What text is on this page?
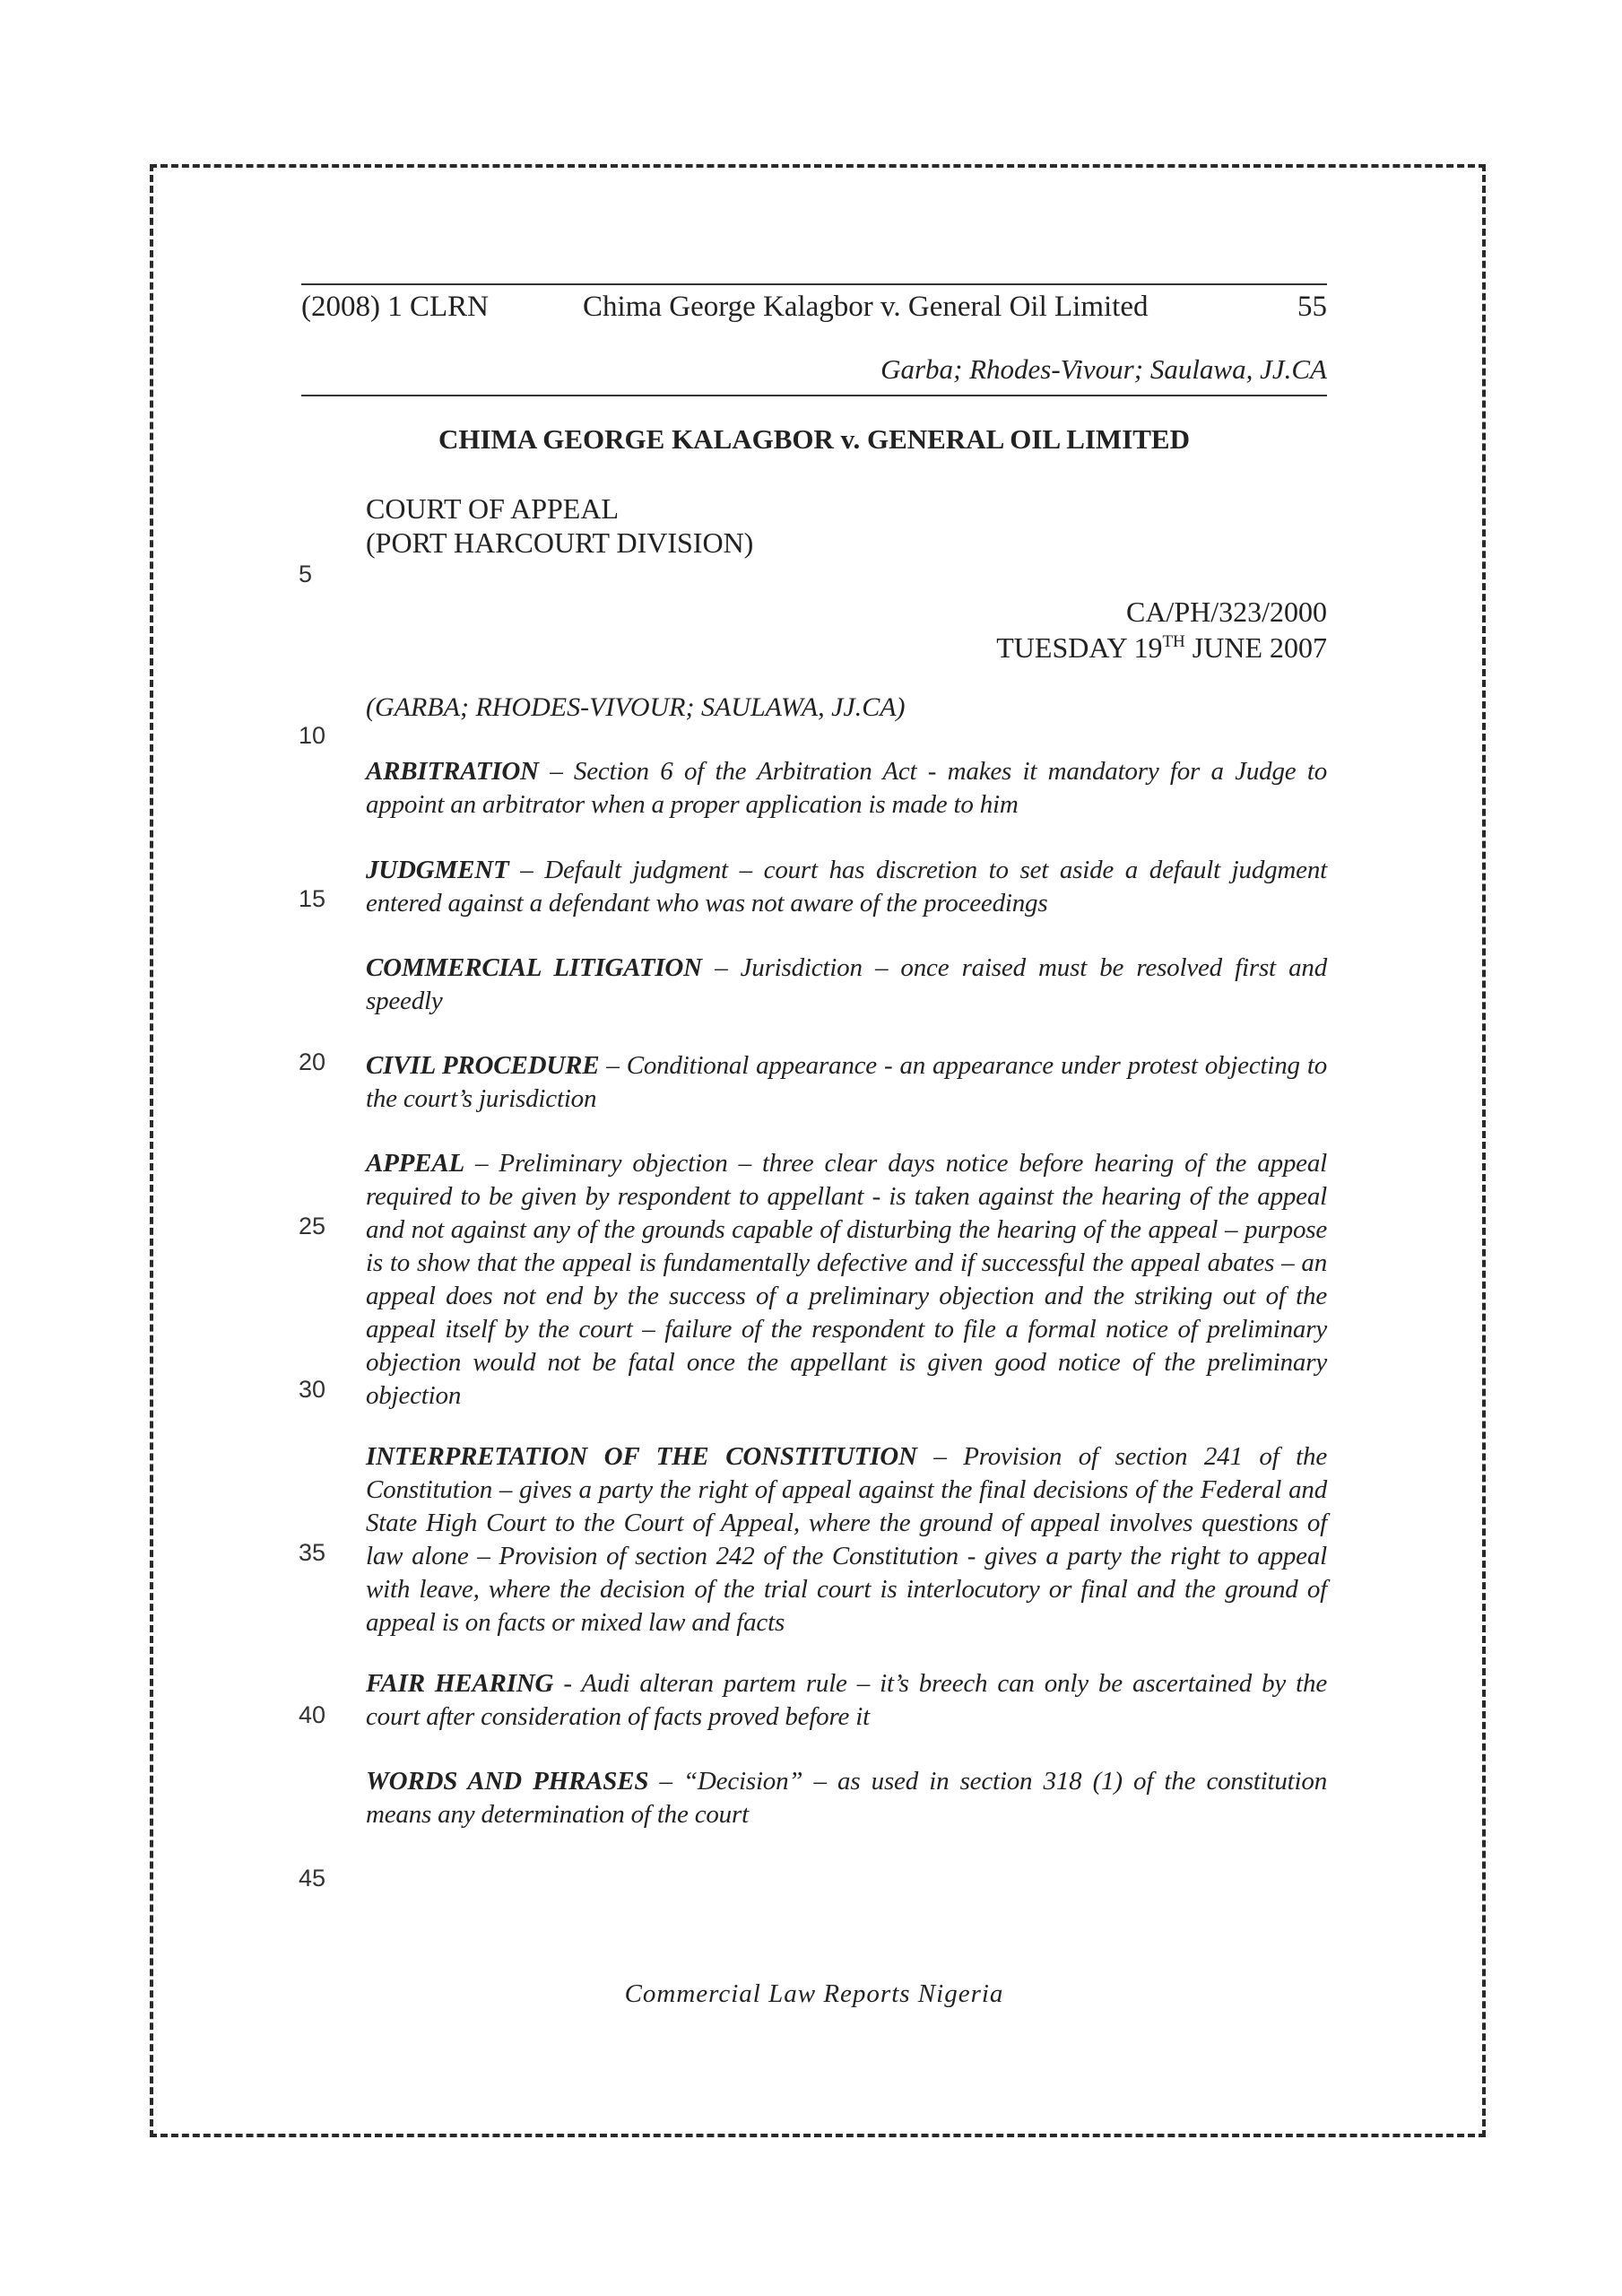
(2008) 1 CLRN	Chima George Kalagbor v. General Oil Limited	55
Garba; Rhodes-Vivour; Saulawa, JJ.CA
CHIMA GEORGE KALAGBOR v. GENERAL OIL LIMITED
COURT OF APPEAL
(PORT HARCOURT DIVISION)
CA/PH/323/2000
TUESDAY 19TH JUNE 2007
(GARBA; RHODES-VIVOUR; SAULAWA, JJ.CA)
ARBITRATION – Section 6 of the Arbitration Act - makes it mandatory for a Judge to appoint an arbitrator when a proper application is made to him
JUDGMENT – Default judgment – court has discretion to set aside a default judgment entered against a defendant who was not aware of the proceedings
COMMERCIAL LITIGATION – Jurisdiction – once raised must be resolved first and speedly
CIVIL PROCEDURE – Conditional appearance - an appearance under protest objecting to the court’s jurisdiction
APPEAL – Preliminary objection – three clear days notice before hearing of the appeal required to be given by respondent to appellant - is taken against the hearing of the appeal and not against any of the grounds capable of disturbing the hearing of the appeal – purpose is to show that the appeal is fundamentally defective and if successful the appeal abates – an appeal does not end by the success of a preliminary objection and the striking out of the appeal itself by the court – failure of the respondent to file a formal notice of preliminary objection would not be fatal once the appellant is given good notice of the preliminary objection
INTERPRETATION OF THE CONSTITUTION – Provision of section 241 of the Constitution – gives a party the right of appeal against the final decisions of the Federal and State High Court to the Court of Appeal, where the ground of appeal involves questions of law alone – Provision of section 242 of the Constitution - gives a party the right to appeal with leave, where the decision of the trial court is interlocutory or final and the ground of appeal is on facts or mixed law and facts
FAIR HEARING - Audi alteran partem rule – it’s breech can only be ascertained by the court after consideration of facts proved before it
WORDS AND PHRASES – “Decision” – as used in section 318 (1) of the constitution means any determination of the court
5
10
15
20
25
30
35
40
45
Commercial Law Reports Nigeria
